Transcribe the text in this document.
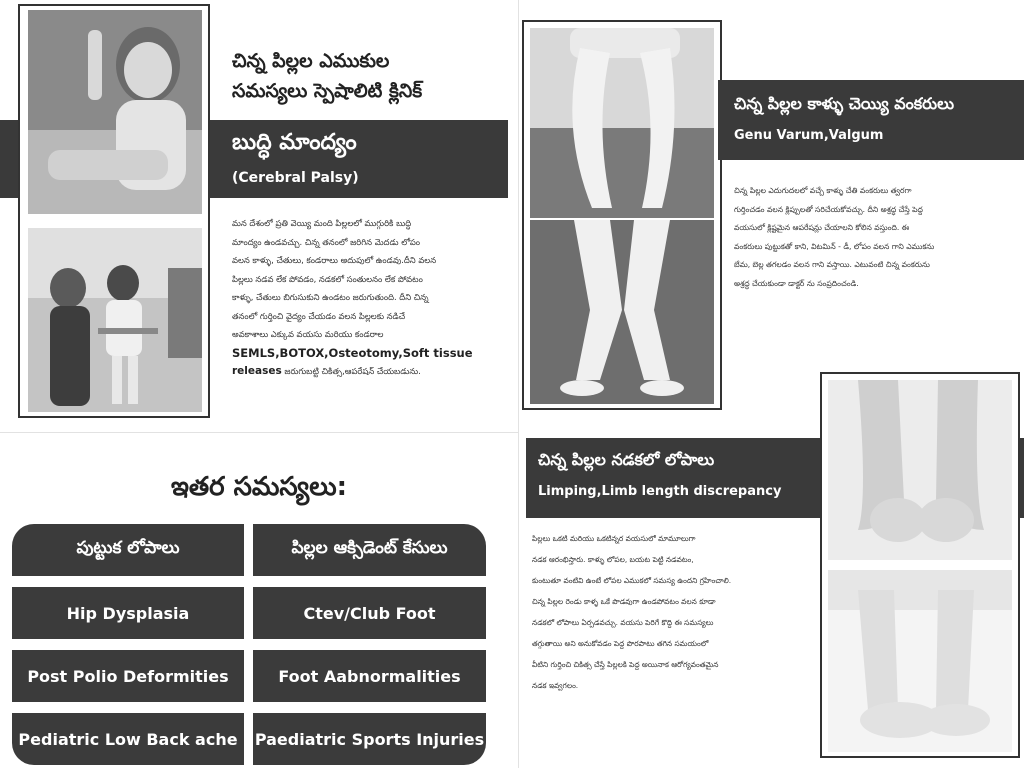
చిన్న పిల్లల ఎముకుల
సమస్యలు స్పెషాలిటి క్లినిక్
బుద్ధి మాంద్యం
(Cerebral Palsy)
మన దేశంలో ప్రతి వెయ్యి మంది పిల్లలలో ముగ్గురికి బుద్ధి
మాంద్యం ఉండవచ్చు. చిన్న తనంలో జరిగిన మెదడు లోపం
వలన కాళ్ళు, చేతులు, కండరాలు అదుపులో ఉండవు.దీని వలన
పిల్లలు నడవ లేక పోవడం, నడకలో సంతులనం లేక పోవటం
కాళ్ళు, చేతులు బిగుసుకుని ఉండటం జరుగుతుంది. దీని చిన్న
తనంలో గుర్తించి వైద్యం చేయడం వలన పిల్లలకు నడిచే
అవకాశాలు ఎక్కువ వయసు మరియు కండరాల
SEMLS,BOTOX,Osteotomy,Soft tissue
releases జరుగుబట్టి చికిత్స,ఆపరేషన్ చేయబడును.
చిన్న పిల్లల కాళ్ళు చెయ్యి వంకరులు
Genu Varum,Valgum
చిన్న పిల్లల ఎదుగుదలలో వచ్చే కాళ్ళు చేతి వంకరులు త్వరగా
గుర్తించడం వలన క్లిప్పులతో సరిచేయకోవచ్చు. దీని అశ్రద్ధ చేస్తే పెద్ద
వయసులో క్లిష్టమైన ఆపరేషన్లు చేయాలని కోలిన వస్తుంది. ఈ
వంకరులు పుట్టుకతో కాని, విటమిన్ - డీ, లోపం వలన గాని ఎముకను
బేమ, బెల్ల తగలడం వలన గాని వస్తాయి. ఎటువంటి చిన్న వంకరును
అశ్రద్ధ చేయకుండా డాక్టర్ ను సంప్రదించండి.
ఇతర సమస్యలు:
పుట్టుక లోపాలు	పిల్లల ఆక్సిడెంట్ కేసులు
Hip Dysplasia	Ctev/Club Foot
Post Polio Deformities	Foot Aabnormalities
Pediatric Low Back ache	Paediatric Sports Injuries
చిన్న పిల్లల నడకలో లోపాలు
Limping,Limb length discrepancy
పిల్లలు ఒకటి మరియు ఒకటిన్నర వయసులో మామూలుగా
నడక ఆరంభిస్తారు. కాళ్ళు లోపల, బయట పెట్టి నడవటం,
కుంటుతూ వంటివి ఉంటే లోపల ఎముకలో సమస్య ఉందని గ్రహించాలి.
చిన్న పిల్లల రెండు కాళ్ళ ఒకే పొడవుగా ఉండపోవటం వలన కూడా
నడకలో లోపాలు ఏర్పడవచ్చు. వయసు పెరిగే కొద్ది ఈ సమస్యలు
తగ్గుతాయి అని అనుకోవడం పెద్ద పొరపాటు తగిన సమయంలో
వీటిని గుర్తించి చికిత్స చేస్తే పిల్లలకి పెద్ద అయినాక ఆరోగ్యవంతమైన
నడక ఇవ్వగలం.
